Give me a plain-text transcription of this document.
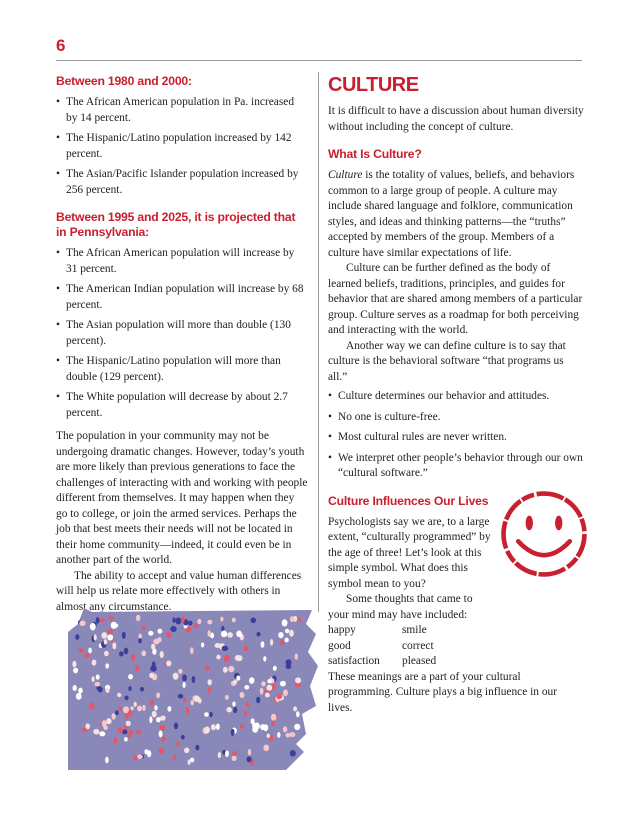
6
Between 1980 and 2000:
• The African American population in Pa. increased by 14 percent.
• The Hispanic/Latino population increased by 142 percent.
• The Asian/Pacific Islander population increased by 256 percent.
Between 1995 and 2025, it is projected that in Pennsylvania:
• The African American population will increase by 31 percent.
• The American Indian population will increase by 68 percent.
• The Asian population will more than double (130 percent).
• The Hispanic/Latino population will more than double (129 percent).
• The White population will decrease by about 2.7 percent.

The population in your community may not be undergoing dramatic changes. However, today’s youth are more likely than previous generations to face the challenges of interacting with and working with people different from themselves. It may happen when they go to college, or join the armed services. Perhaps the job that best meets their needs will not be located in their home community—indeed, it could even be in another part of the world.

The ability to accept and value human differences will help us relate more effectively with others in almost any circumstance.

CULTURE

It is difficult to have a discussion about human diversity without including the concept of culture.

What Is Culture?

Culture is the totality of values, beliefs, and behaviors common to a large group of people. A culture may include shared language and folklore, communication styles, and ideas and thinking patterns—the “truths” accepted by members of the group. Members of a culture have similar expectations of life.

Culture can be further defined as the body of learned beliefs, traditions, principles, and guides for behavior that are shared among members of a particular group. Culture serves as a roadmap for both perceiving and interacting with the world.

Another way we can define culture is to say that culture is the behavioral software “that programs us all.”

• Culture determines our behavior and attitudes.
• No one is culture-free.
• Most cultural rules are never written.
• We interpret other people’s behavior through our own “cultural software.”
Culture Influences Our Lives

Psychologists say we are, to a large extent, “culturally programmed” by the age of three! Let’s look at this simple symbol. What does this symbol mean to you?

Some thoughts that came to your mind may have included:

happy	smile
good	correct
satisfaction	pleased

These meanings are a part of your cultural programming. Culture plays a big influence in our lives.
